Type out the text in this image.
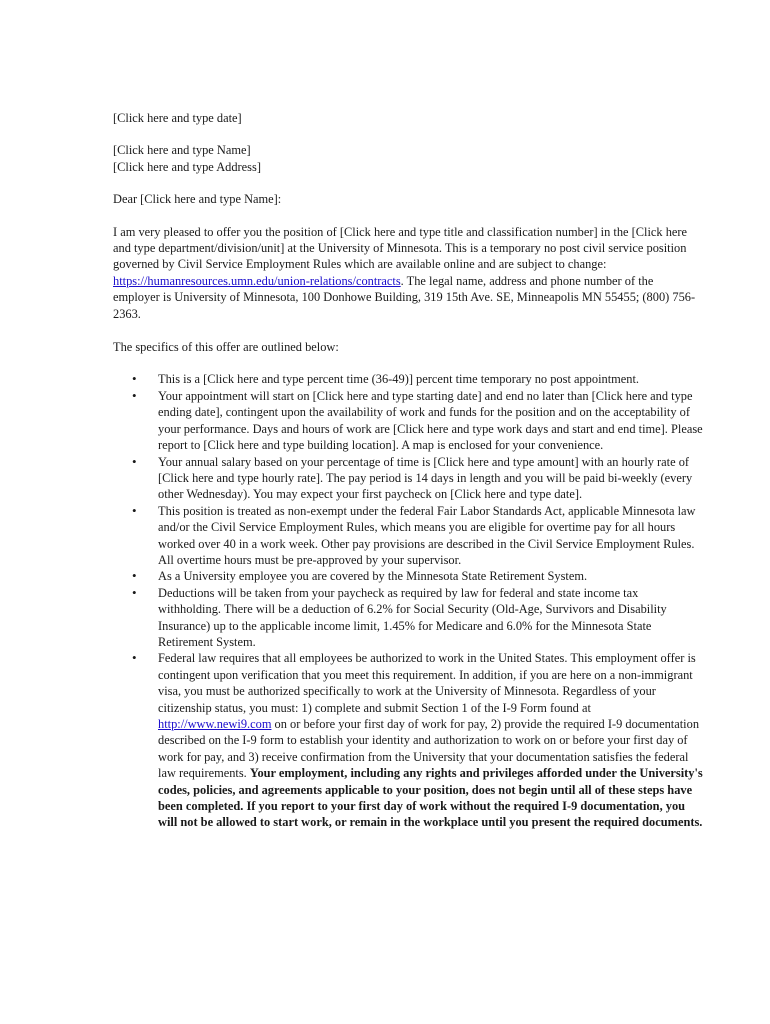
[Click here and type date]

[Click here and type Name]

[Click here and type Address]

Dear [Click here and type Name]:

I am very pleased to offer you the position of [Click here and type title and classification number] in the [Click here and type department/division/unit] at the University of Minnesota. This is a temporary no post civil service position governed by Civil Service Employment Rules which are available online and are subject to change: https://humanresources.umn.edu/union-relations/contracts. The legal name, address and phone number of the employer is University of Minnesota, 100 Donhowe Building, 319 15th Ave. SE, Minneapolis MN 55455; (800) 756-2363.

The specifics of this offer are outlined below:

• This is a [Click here and type percent time (36-49)] percent time temporary no post appointment.
• Your appointment will start on [Click here and type starting date] and end no later than [Click here and type ending date], contingent upon the availability of work and funds for the position and on the acceptability of your performance. Days and hours of work are [Click here and type work days and start and end time]. Please report to [Click here and type building location]. A map is enclosed for your convenience.
• Your annual salary based on your percentage of time is [Click here and type amount] with an hourly rate of [Click here and type hourly rate]. The pay period is 14 days in length and you will be paid bi-weekly (every other Wednesday). You may expect your first paycheck on [Click here and type date].
• This position is treated as non-exempt under the federal Fair Labor Standards Act, applicable Minnesota law and/or the Civil Service Employment Rules, which means you are eligible for overtime pay for all hours worked over 40 in a work week. Other pay provisions are described in the Civil Service Employment Rules. All overtime hours must be pre-approved by your supervisor.
• As a University employee you are covered by the Minnesota State Retirement System.
• Deductions will be taken from your paycheck as required by law for federal and state income tax withholding. There will be a deduction of 6.2% for Social Security (Old-Age, Survivors and Disability Insurance) up to the applicable income limit, 1.45% for Medicare and 6.0% for the Minnesota State Retirement System.
• Federal law requires that all employees be authorized to work in the United States. This employment offer is contingent upon verification that you meet this requirement. In addition, if you are here on a non-immigrant visa, you must be authorized specifically to work at the University of Minnesota. Regardless of your citizenship status, you must: 1) complete and submit Section 1 of the I-9 Form found at http://www.newi9.com on or before your first day of work for pay, 2) provide the required I-9 documentation described on the I-9 form to establish your identity and authorization to work on or before your first day of work for pay, and 3) receive confirmation from the University that your documentation satisfies the federal law requirements. Your employment, including any rights and privileges afforded under the University's codes, policies, and agreements applicable to your position, does not begin until all of these steps have been completed. If you report to your first day of work without the required I-9 documentation, you will not be allowed to start work, or remain in the workplace until you present the required documents.
